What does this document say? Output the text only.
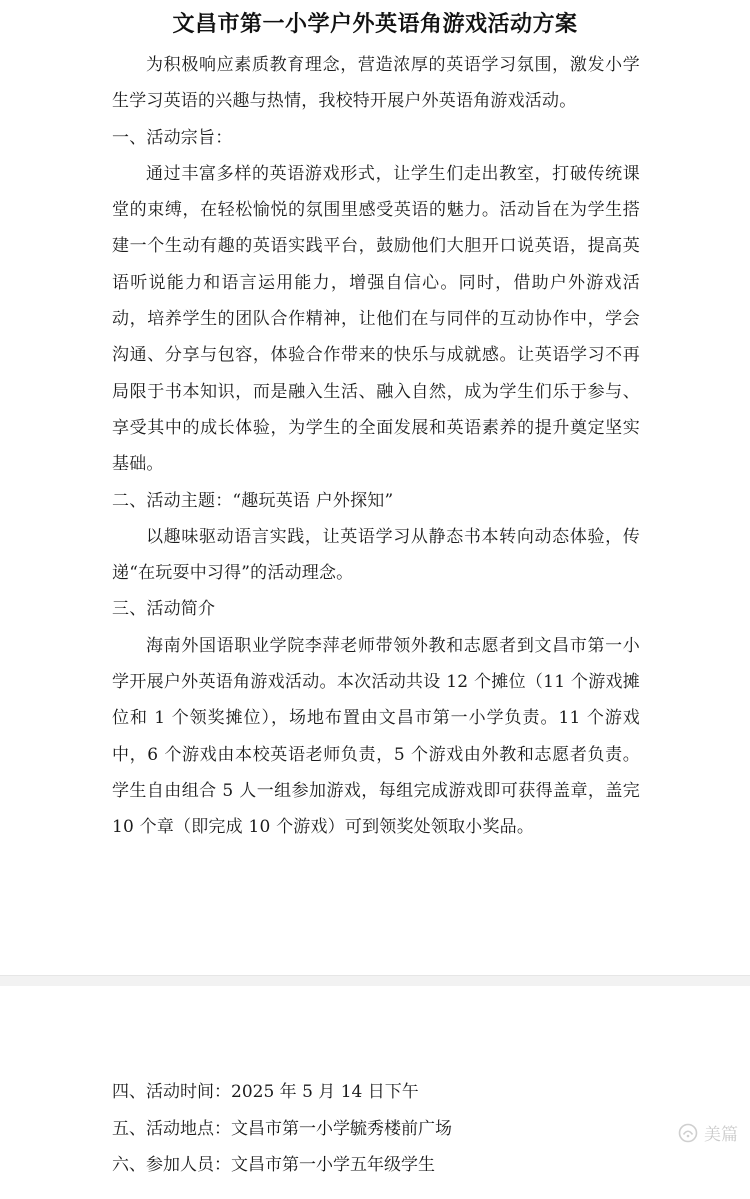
文昌市第一小学户外英语角游戏活动方案

为积极响应素质教育理念，营造浓厚的英语学习氛围，激发小学生学习英语的兴趣与热情，我校特开展户外英语角游戏活动。

一、活动宗旨：

通过丰富多样的英语游戏形式，让学生们走出教室，打破传统课堂的束缚，在轻松愉悦的氛围里感受英语的魅力。活动旨在为学生搭建一个生动有趣的英语实践平台，鼓励他们大胆开口说英语，提高英语听说能力和语言运用能力，增强自信心。同时，借助户外游戏活动，培养学生的团队合作精神，让他们在与同伴的互动协作中，学会沟通、分享与包容，体验合作带来的快乐与成就感。让英语学习不再局限于书本知识，而是融入生活、融入自然，成为学生们乐于参与、享受其中的成长体验，为学生的全面发展和英语素养的提升奠定坚实基础。

二、活动主题：“趣玩英语 户外探知”

以趣味驱动语言实践，让英语学习从静态书本转向动态体验，传递“在玩耍中习得”的活动理念。

三、活动简介

海南外国语职业学院李萍老师带领外教和志愿者到文昌市第一小学开展户外英语角游戏活动。本次活动共设 12 个摊位（11 个游戏摊位和 1 个领奖摊位），场地布置由文昌市第一小学负责。11 个游戏中，6 个游戏由本校英语老师负责，5 个游戏由外教和志愿者负责。学生自由组合 5 人一组参加游戏，每组完成游戏即可获得盖章，盖完 10 个章（即完成 10 个游戏）可到领奖处领取小奖品。

四、活动时间：2025 年 5 月 14 日下午

五、活动地点：文昌市第一小学毓秀楼前广场

六、参加人员：文昌市第一小学五年级学生

美篇
